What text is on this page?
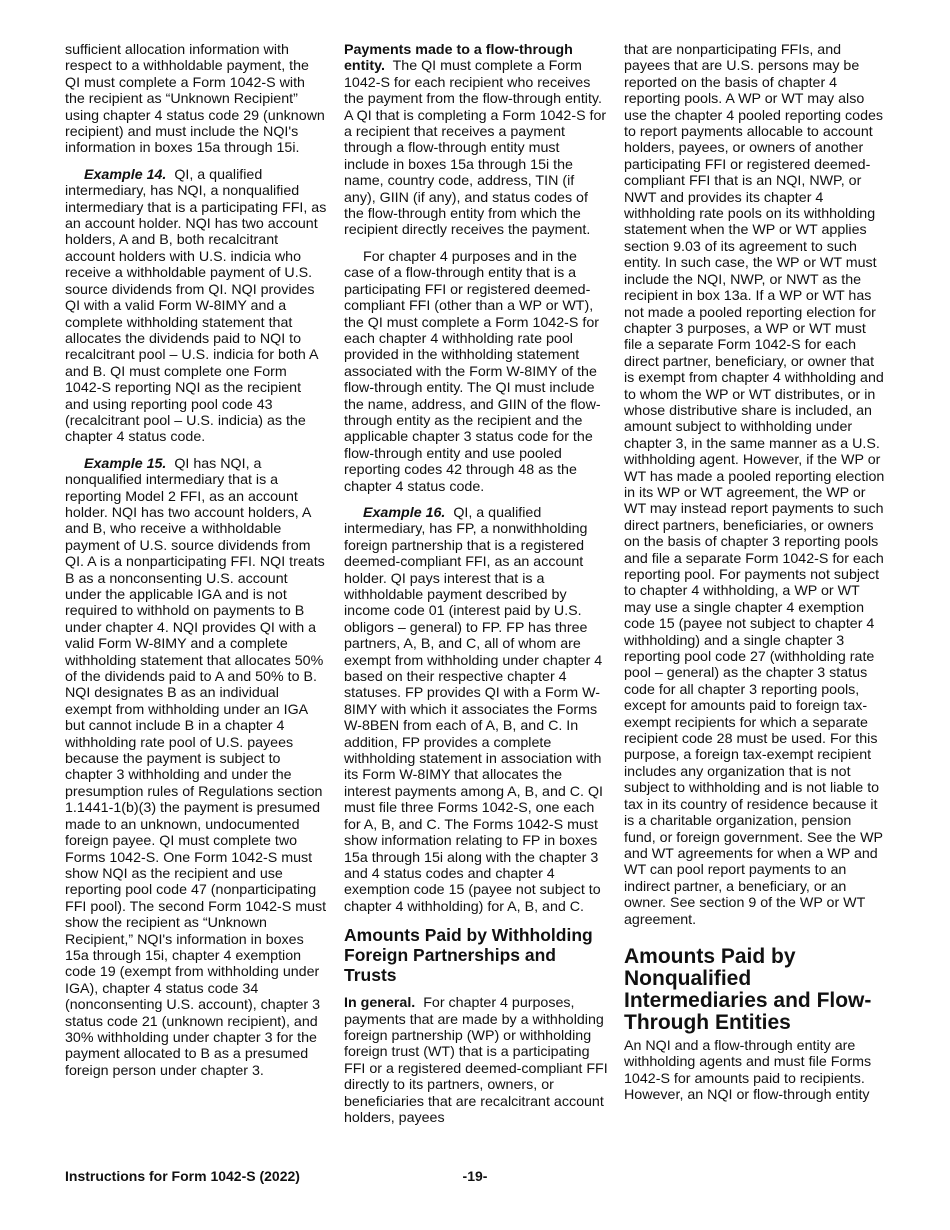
sufficient allocation information with respect to a withholdable payment, the QI must complete a Form 1042-S with the recipient as “Unknown Recipient” using chapter 4 status code 29 (unknown recipient) and must include the NQI's information in boxes 15a through 15i.

Example 14. QI, a qualified intermediary, has NQI, a nonqualified intermediary that is a participating FFI, as an account holder. NQI has two account holders, A and B, both recalcitrant account holders with U.S. indicia who receive a withholdable payment of U.S. source dividends from QI. NQI provides QI with a valid Form W-8IMY and a complete withholding statement that allocates the dividends paid to NQI to recalcitrant pool – U.S. indicia for both A and B. QI must complete one Form 1042-S reporting NQI as the recipient and using reporting pool code 43 (recalcitrant pool – U.S. indicia) as the chapter 4 status code.

Example 15. QI has NQI, a nonqualified intermediary that is a reporting Model 2 FFI, as an account holder. NQI has two account holders, A and B, who receive a withholdable payment of U.S. source dividends from QI. A is a nonparticipating FFI. NQI treats B as a nonconsenting U.S. account under the applicable IGA and is not required to withhold on payments to B under chapter 4. NQI provides QI with a valid Form W-8IMY and a complete withholding statement that allocates 50% of the dividends paid to A and 50% to B. NQI designates B as an individual exempt from withholding under an IGA but cannot include B in a chapter 4 withholding rate pool of U.S. payees because the payment is subject to chapter 3 withholding and under the presumption rules of Regulations section 1.1441-1(b)(3) the payment is presumed made to an unknown, undocumented foreign payee. QI must complete two Forms 1042-S. One Form 1042-S must show NQI as the recipient and use reporting pool code 47 (nonparticipating FFI pool). The second Form 1042-S must show the recipient as “Unknown Recipient,” NQI's information in boxes 15a through 15i, chapter 4 exemption code 19 (exempt from withholding under IGA), chapter 4 status code 34 (nonconsenting U.S. account), chapter 3 status code 21 (unknown recipient), and 30% withholding under chapter 3 for the payment allocated to B as a presumed foreign person under chapter 3.

Payments made to a flow-through entity. The QI must complete a Form 1042-S for each recipient who receives the payment from the flow-through entity. A QI that is completing a Form 1042-S for a recipient that receives a payment through a flow-through entity must include in boxes 15a through 15i the name, country code, address, TIN (if any), GIIN (if any), and status codes of the flow-through entity from which the recipient directly receives the payment.

For chapter 4 purposes and in the case of a flow-through entity that is a participating FFI or registered deemed-compliant FFI (other than a WP or WT), the QI must complete a Form 1042-S for each chapter 4 withholding rate pool provided in the withholding statement associated with the Form W-8IMY of the flow-through entity. The QI must include the name, address, and GIIN of the flow-through entity as the recipient and the applicable chapter 3 status code for the flow-through entity and use pooled reporting codes 42 through 48 as the chapter 4 status code.

Example 16. QI, a qualified intermediary, has FP, a nonwithholding foreign partnership that is a registered deemed-compliant FFI, as an account holder. QI pays interest that is a withholdable payment described by income code 01 (interest paid by U.S. obligors – general) to FP. FP has three partners, A, B, and C, all of whom are exempt from withholding under chapter 4 based on their respective chapter 4 statuses. FP provides QI with a Form W-8IMY with which it associates the Forms W-8BEN from each of A, B, and C. In addition, FP provides a complete withholding statement in association with its Form W-8IMY that allocates the interest payments among A, B, and C. QI must file three Forms 1042-S, one each for A, B, and C. The Forms 1042-S must show information relating to FP in boxes 15a through 15i along with the chapter 3 and 4 status codes and chapter 4 exemption code 15 (payee not subject to chapter 4 withholding) for A, B, and C.

Amounts Paid by Withholding Foreign Partnerships and Trusts

In general. For chapter 4 purposes, payments that are made by a withholding foreign partnership (WP) or withholding foreign trust (WT) that is a participating FFI or a registered deemed-compliant FFI directly to its partners, owners, or beneficiaries that are recalcitrant account holders, payees

that are nonparticipating FFIs, and payees that are U.S. persons may be reported on the basis of chapter 4 reporting pools. A WP or WT may also use the chapter 4 pooled reporting codes to report payments allocable to account holders, payees, or owners of another participating FFI or registered deemed-compliant FFI that is an NQI, NWP, or NWT and provides its chapter 4 withholding rate pools on its withholding statement when the WP or WT applies section 9.03 of its agreement to such entity. In such case, the WP or WT must include the NQI, NWP, or NWT as the recipient in box 13a. If a WP or WT has not made a pooled reporting election for chapter 3 purposes, a WP or WT must file a separate Form 1042-S for each direct partner, beneficiary, or owner that is exempt from chapter 4 withholding and to whom the WP or WT distributes, or in whose distributive share is included, an amount subject to withholding under chapter 3, in the same manner as a U.S. withholding agent. However, if the WP or WT has made a pooled reporting election in its WP or WT agreement, the WP or WT may instead report payments to such direct partners, beneficiaries, or owners on the basis of chapter 3 reporting pools and file a separate Form 1042-S for each reporting pool. For payments not subject to chapter 4 withholding, a WP or WT may use a single chapter 4 exemption code 15 (payee not subject to chapter 4 withholding) and a single chapter 3 reporting pool code 27 (withholding rate pool – general) as the chapter 3 status code for all chapter 3 reporting pools, except for amounts paid to foreign tax-exempt recipients for which a separate recipient code 28 must be used. For this purpose, a foreign tax-exempt recipient includes any organization that is not subject to withholding and is not liable to tax in its country of residence because it is a charitable organization, pension fund, or foreign government. See the WP and WT agreements for when a WP and WT can pool report payments to an indirect partner, a beneficiary, or an owner. See section 9 of the WP or WT agreement.

Amounts Paid by Nonqualified Intermediaries and Flow-Through Entities

An NQI and a flow-through entity are withholding agents and must file Forms 1042-S for amounts paid to recipients. However, an NQI or flow-through entity

Instructions for Form 1042-S (2022)	-19-
